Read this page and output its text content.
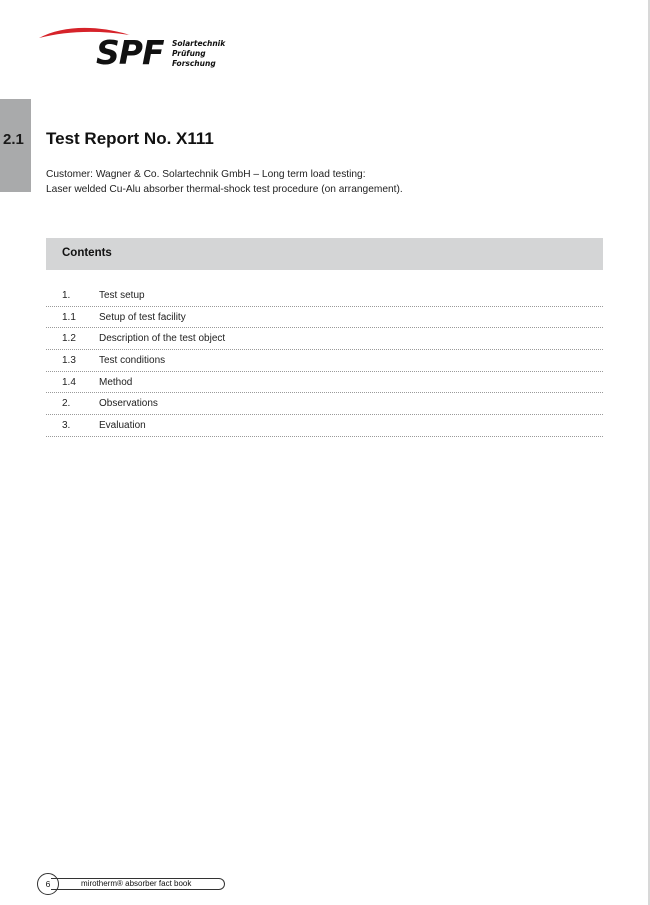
SPF Solartechnik
Prüfung
Forschung
2.1 Test Report No. X111
Customer: Wagner & Co. Solartechnik GmbH – Long term load testing:
Laser welded Cu-Alu absorber thermal-shock test procedure (on arrangement).
Contents
1.	Test setup
1.1 Setup of test facility
1.2 Description of the test object
1.3 Test conditions
1.4 Method
2.	Observations
3.	Evaluation
6	mirotherm® absorber fact book
